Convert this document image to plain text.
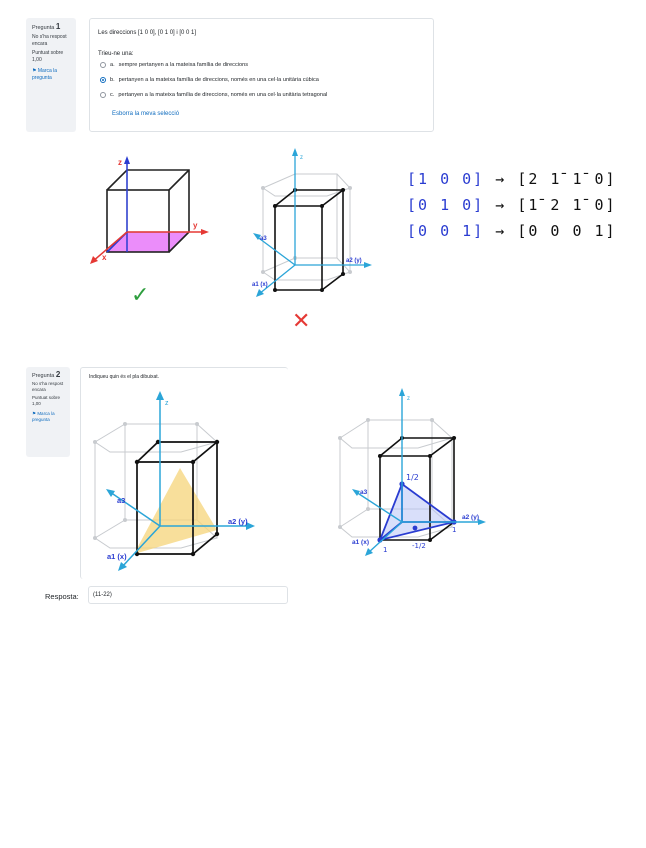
Pregunta 1
No s'ha respost encara
Puntuat sobre 1,00
⚑ Marca la pregunta
Les direccions [1 0 0], [0 1 0] i [0 0 1]
Trieu-ne una:
a. sempre pertanyen a la mateixa família de direccions
b. pertanyen a la mateixa família de direccions, només en una cel·la unitària cúbica
c. pertanyen a la mateixa família de direccions, només en una cel·la unitària tetragonal
Esborra la meva selecció
z
y
x
✓
z
a2 (y)
a1 (x)
a3
✕
[1 0 0] → [2 1̄ 1̄ 0]
[0 1 0] → [1̄ 2 1̄ 0]
[0 0 1] → [0 0 0 1]
Pregunta 2
No s'ha respost encara
Puntuat sobre 1,00
⚑ Marca la pregunta
Indiqueu quin és el pla dibuixat.
z
a2 (y)
a1 (x)
a3
z
a2 (y)
a1 (x)
a3
1/2
-1/2
1
1
Resposta:	(11-22)
